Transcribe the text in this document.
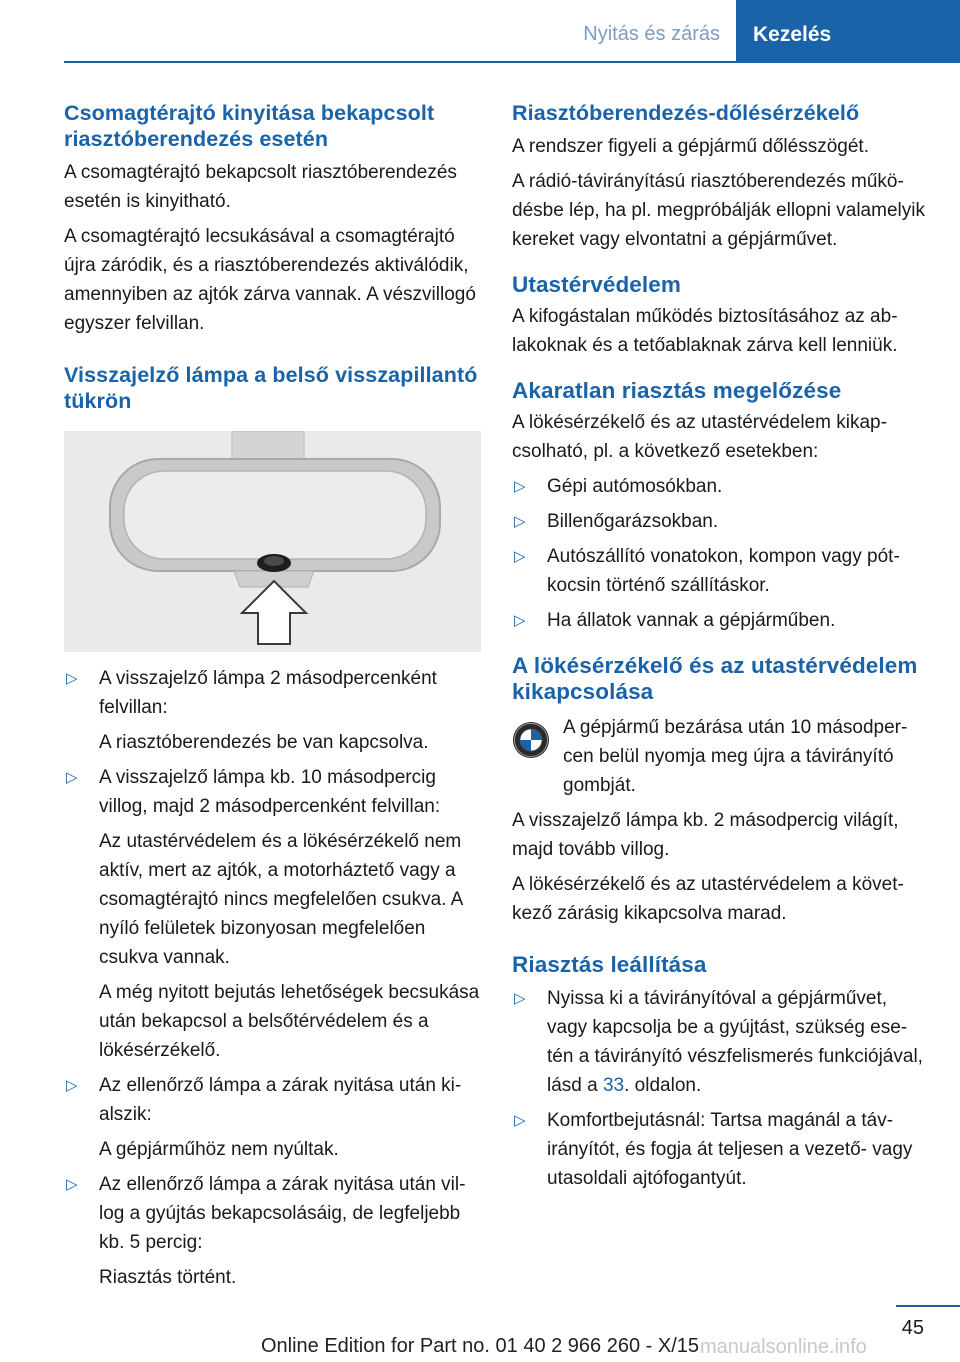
Nyitás és zárás	Kezelés
Csomagtérajtó kinyitása bekapcsolt riasztóberendezés esetén

A csomagtérajtó bekapcsolt riasztóberendezés esetén is kinyitható.

A csomagtérajtó lecsukásával a csomagtérajtó újra záródik, és a riasztóberendezés aktiválódik, amennyiben az ajtók zárva vannak. A vészvillogó egyszer felvillan.

Visszajelző lámpa a belső visszapillantó tükrön
▷ A visszajelző lámpa 2 másodpercenként felvillan:
A riasztóberendezés be van kapcsolva.
▷ A visszajelző lámpa kb. 10 másodpercig villog, majd 2 másodpercenként felvillan:
Az utastérvédelem és a lökésérzékelő nem aktív, mert az ajtók, a motorháztető vagy a csomagtérajtó nincs megfelelően csukva. A nyíló felületek bizonyosan megfelelően csukva vannak.
A még nyitott bejutás lehetőségek becsukása után bekapcsol a belsőtérvédelem és a lökésérzékelő.
▷ Az ellenőrző lámpa a zárak nyitása után kialszik:
A gépjárműhöz nem nyúltak.
▷ Az ellenőrző lámpa a zárak nyitása után villog a gyújtás bekapcsolásáig, de legfeljebb kb. 5 percig:
Riasztás történt.
Riasztóberendezés-dőlésérzékelő

A rendszer figyeli a gépjármű dőlésszögét.

A rádió-távirányítású riasztóberendezés működésbe lép, ha pl. megpróbálják ellopni valamelyik kereket vagy elvontatni a gépjárművet.

Utastérvédelem

A kifogástalan működés biztosításához az ablakoknak és a tetőablaknak zárva kell lenniük.

Akaratlan riasztás megelőzése

A lökésérzékelő és az utastérvédelem kikapcsolható, pl. a következő esetekben:

▷ Gépi autómosókban.
▷ Billenőgarázsokban.
▷ Autószállító vonatokon, kompon vagy pótkocsin történő szállításkor.
▷ Ha állatok vannak a gépjárműben.
A lökésérzékelő és az utastérvédelem kikapcsolása
A gépjármű bezárása után 10 másodpercen belül nyomja meg újra a távirányító gombját.

A visszajelző lámpa kb. 2 másodpercig világít, majd tovább villog.

A lökésérzékelő és az utastérvédelem a következő zárásig kikapcsolva marad.

Riasztás leállítása
▷ Nyissa ki a távirányítóval a gépjárművet, vagy kapcsolja be a gyújtást, szükség esetén a távirányító vészfelismerés funkciójával, lásd a 33. oldalon.
▷ Komfortbejutásnál: Tartsa magánál a távirányítót, és fogja át teljesen a vezető- vagy utasoldali ajtófogantyút.
45
manualsonline.info
Online Edition for Part no. 01 40 2 966 260 - X/15
